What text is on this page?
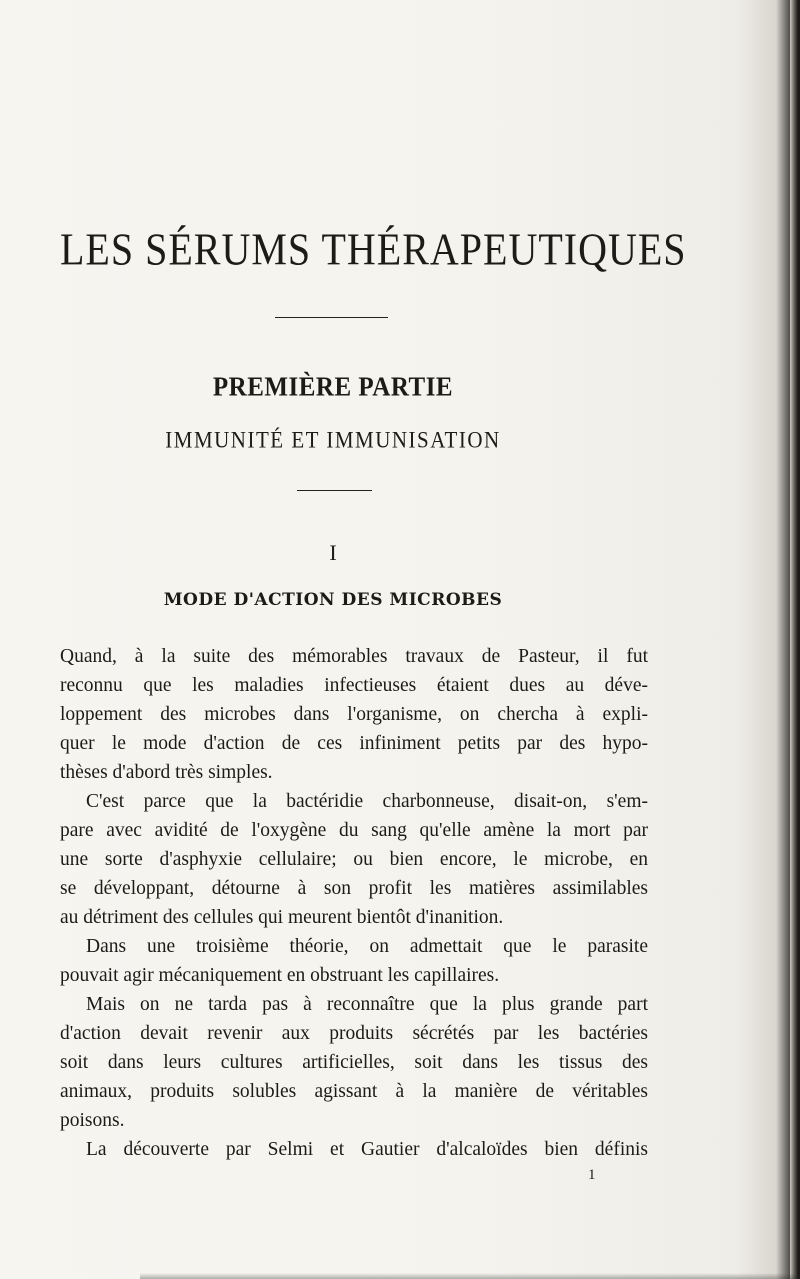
LES SÉRUMS THÉRAPEUTIQUES
PREMIÈRE PARTIE
IMMUNITÉ ET IMMUNISATION
I
MODE D'ACTION DES MICROBES
Quand, à la suite des mémorables travaux de Pasteur, il fut
reconnu que les maladies infectieuses étaient dues au déve-
loppement des microbes dans l'organisme, on chercha à expli-
quer le mode d'action de ces infiniment petits par des hypo-
thèses d'abord très simples.
C'est parce que la bactéridie charbonneuse, disait-on, s'em-
pare avec avidité de l'oxygène du sang qu'elle amène la mort par
une sorte d'asphyxie cellulaire; ou bien encore, le microbe, en
se développant, détourne à son profit les matières assimilables
au détriment des cellules qui meurent bientôt d'inanition.
Dans une troisième théorie, on admettait que le parasite
pouvait agir mécaniquement en obstruant les capillaires.
Mais on ne tarda pas à reconnaître que la plus grande part
d'action devait revenir aux produits sécrétés par les bactéries
soit dans leurs cultures artificielles, soit dans les tissus des
animaux, produits solubles agissant à la manière de véritables
poisons.
La découverte par Selmi et Gautier d'alcaloïdes bien définis
1
